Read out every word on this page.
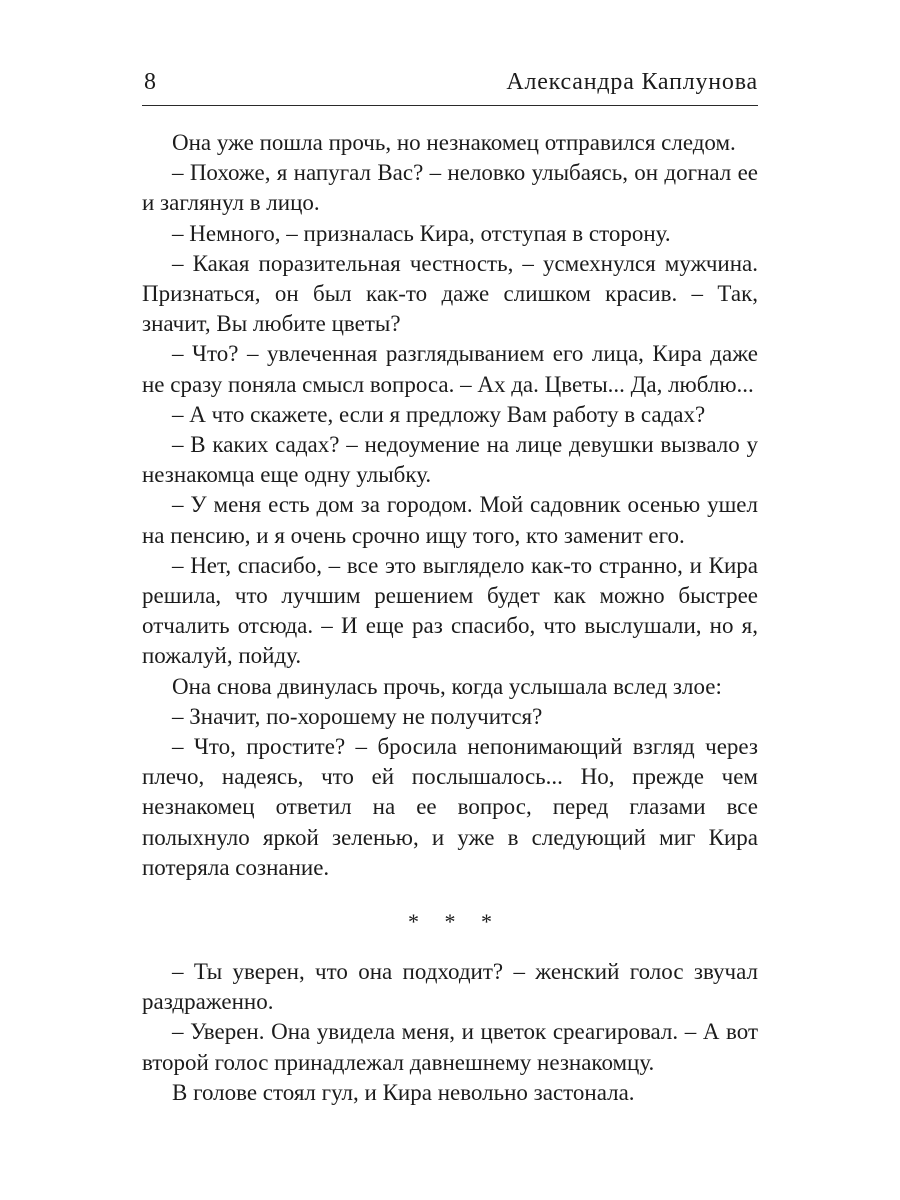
8	Александра Каплунова

Она уже пошла прочь, но незнакомец отправился следом.

– Похоже, я напугал Вас? – неловко улыбаясь, он догнал ее и заглянул в лицо.

– Немного, – призналась Кира, отступая в сторону.

– Какая поразительная честность, – усмехнулся мужчина. Признаться, он был как-то даже слишком красив. – Так, значит, Вы любите цветы?

– Что? – увлеченная разглядыванием его лица, Кира даже не сразу поняла смысл вопроса. – Ах да. Цветы... Да, люблю...

– А что скажете, если я предложу Вам работу в садах?

– В каких садах? – недоумение на лице девушки вызвало у незнакомца еще одну улыбку.

– У меня есть дом за городом. Мой садовник осенью ушел на пенсию, и я очень срочно ищу того, кто заменит его.

– Нет, спасибо, – все это выглядело как-то странно, и Кира решила, что лучшим решением будет как можно быстрее отчалить отсюда. – И еще раз спасибо, что выслушали, но я, пожалуй, пойду.

Она снова двинулась прочь, когда услышала вслед злое:

– Значит, по-хорошему не получится?

– Что, простите? – бросила непонимающий взгляд через плечо, надеясь, что ей послышалось... Но, прежде чем незнакомец ответил на ее вопрос, перед глазами все полыхнуло яркой зеленью, и уже в следующий миг Кира потеряла сознание.

* * *

– Ты уверен, что она подходит? – женский голос звучал раздраженно.

– Уверен. Она увидела меня, и цветок среагировал. – А вот второй голос принадлежал давнешнему незнакомцу.

В голове стоял гул, и Кира невольно застонала.
